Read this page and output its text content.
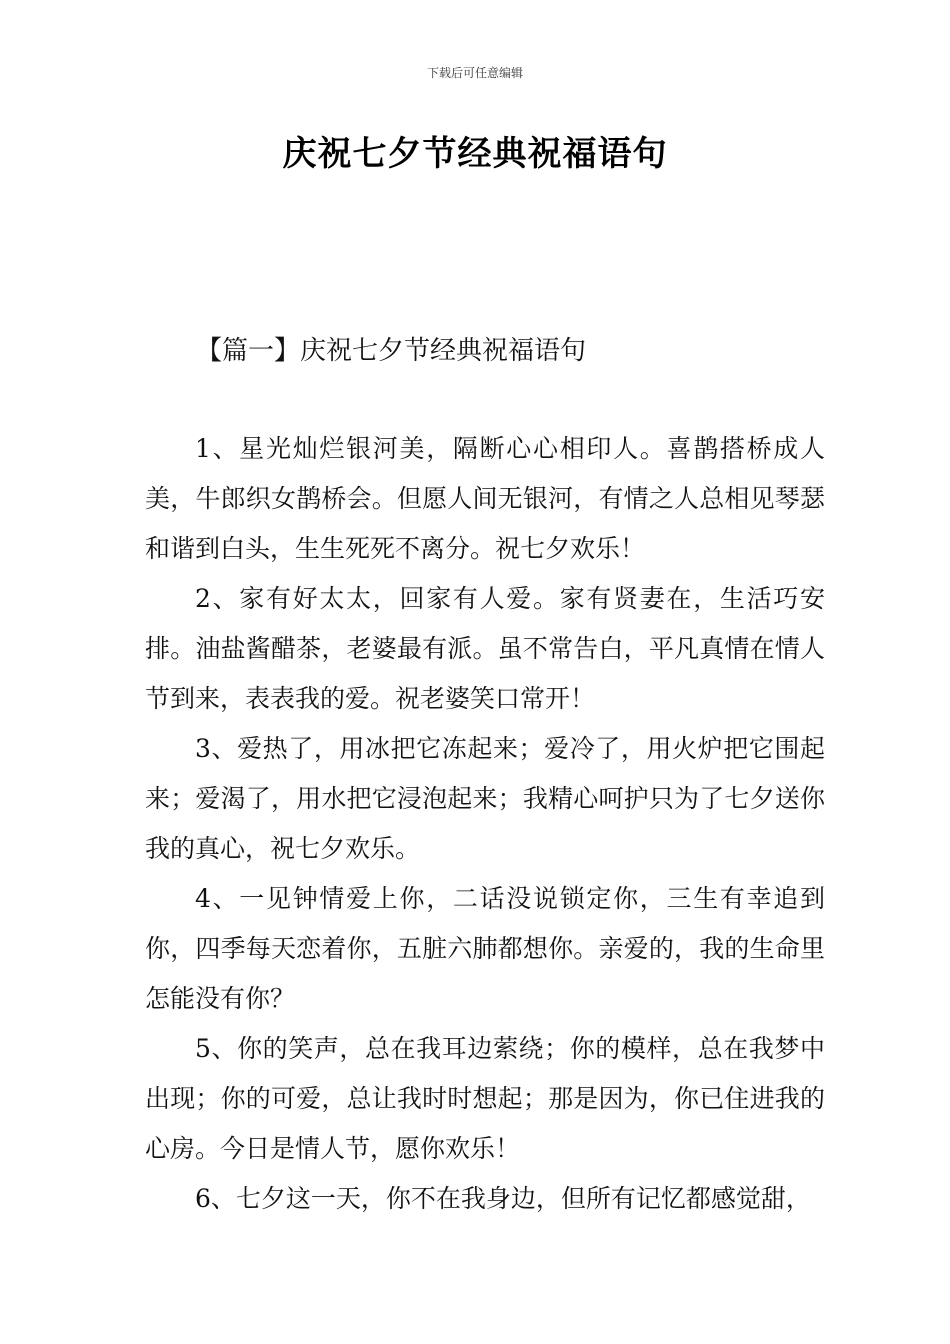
下载后可任意编辑
庆祝七夕节经典祝福语句
【篇一】庆祝七夕节经典祝福语句

1、星光灿烂银河美，隔断心心相印人。喜鹊搭桥成人美，牛郎织女鹊桥会。但愿人间无银河，有情之人总相见琴瑟和谐到白头，生生死死不离分。祝七夕欢乐！

2、家有好太太，回家有人爱。家有贤妻在，生活巧安排。油盐酱醋茶，老婆最有派。虽不常告白，平凡真情在情人节到来，表表我的爱。祝老婆笑口常开！

3、爱热了，用冰把它冻起来；爱冷了，用火炉把它围起来；爱渴了，用水把它浸泡起来；我精心呵护只为了七夕送你我的真心，祝七夕欢乐。

4、一见钟情爱上你，二话没说锁定你，三生有幸追到你，四季每天恋着你，五脏六肺都想你。亲爱的，我的生命里怎能没有你？

5、你的笑声，总在我耳边萦绕；你的模样，总在我梦中出现；你的可爱，总让我时时想起；那是因为，你已住进我的心房。今日是情人节，愿你欢乐！

6、七夕这一天，你不在我身边，但所有记忆都感觉甜，
